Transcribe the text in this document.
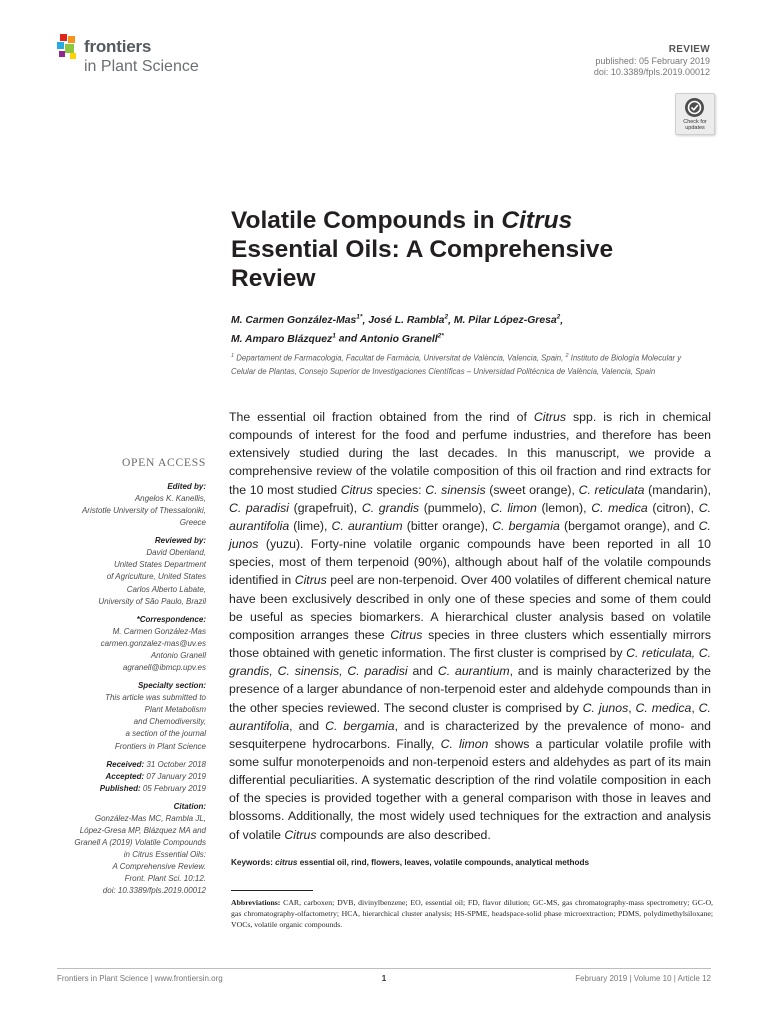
frontiers
in Plant Science
REVIEW
published: 05 February 2019
doi: 10.3389/fpls.2019.00012
Check for updates
Volatile Compounds in Citrus
Essential Oils: A Comprehensive
Review
M. Carmen González-Mas$^{1*}$, José L. Rambla$^2$, M. Pilar López-Gresa$^2$,
M. Amparo Blázquez$^1$ and Antonio Granell$^{2*}$
$^1$ Departament de Farmacologia, Facultat de Farmàcia, Universitat de València, Valencia, Spain, $^2$ Instituto de Biología Molecular y Celular de Plantas, Consejo Superior de Investigaciones Científicas – Universidad Politécnica de València, Valencia, Spain
The essential oil fraction obtained from the rind of Citrus spp. is rich in chemical compounds of interest for the food and perfume industries, and therefore has been extensively studied during the last decades. In this manuscript, we provide a comprehensive review of the volatile composition of this oil fraction and rind extracts for the 10 most studied Citrus species: C. sinensis (sweet orange), C. reticulata (mandarin), C. paradisi (grapefruit), C. grandis (pummelo), C. limon (lemon), C. medica (citron), C. aurantifolia (lime), C. aurantium (bitter orange), C. bergamia (bergamot orange), and C. junos (yuzu). Forty-nine volatile organic compounds have been reported in all 10 species, most of them terpenoid (90%), although about half of the volatile compounds identified in Citrus peel are non-terpenoid. Over 400 volatiles of different chemical nature have been exclusively described in only one of these species and some of them could be useful as species biomarkers. A hierarchical cluster analysis based on volatile composition arranges these Citrus species in three clusters which essentially mirrors those obtained with genetic information. The first cluster is comprised by C. reticulata, C. grandis, C. sinensis, C. paradisi and C. aurantium, and is mainly characterized by the presence of a larger abundance of non-terpenoid ester and aldehyde compounds than in the other species reviewed. The second cluster is comprised by C. junos, C. medica, C. aurantifolia, and C. bergamia, and is characterized by the prevalence of mono- and sesquiterpene hydrocarbons. Finally, C. limon shows a particular volatile profile with some sulfur monoterpenoids and non-terpenoid esters and aldehydes as part of its main differential peculiarities. A systematic description of the rind volatile composition in each of the species is provided together with a general comparison with those in leaves and blossoms. Additionally, the most widely used techniques for the extraction and analysis of volatile Citrus compounds are also described.
Keywords: citrus essential oil, rind, flowers, leaves, volatile compounds, analytical methods
Abbreviations: CAR, carboxen; DVB, divinylbenzene; EO, essential oil; FD, flavor dilution; GC-MS, gas chromatography-mass spectrometry; GC-O, gas chromatography-olfactometry; HCA, hierarchical cluster analysis; HS-SPME, headspace-solid phase microextraction; PDMS, polydimethylsiloxane; VOCs, volatile organic compounds.
OPEN ACCESS
Edited by:
Angelos K. Kanellis,
Aristotle University of Thessaloniki,
Greece
Reviewed by:
David Obenland,
United States Department
of Agriculture, United States
Carlos Alberto Labate,
University of São Paulo, Brazil
*Correspondence:
M. Carmen González-Mas
carmen.gonzalez-mas@uv.es
Antonio Granell
agranell@ibmcp.upv.es
Specialty section:
This article was submitted to
Plant Metabolism
and Chemodiversity,
a section of the journal
Frontiers in Plant Science
Received: 31 October 2018
Accepted: 07 January 2019
Published: 05 February 2019
Citation:
González-Mas MC, Rambla JL,
López-Gresa MP, Blázquez MA and
Granell A (2019) Volatile Compounds
in Citrus Essential Oils:
A Comprehensive Review.
Front. Plant Sci. 10:12.
doi: 10.3389/fpls.2019.00012
Frontiers in Plant Science | www.frontiersin.org	1	February 2019 | Volume 10 | Article 12
